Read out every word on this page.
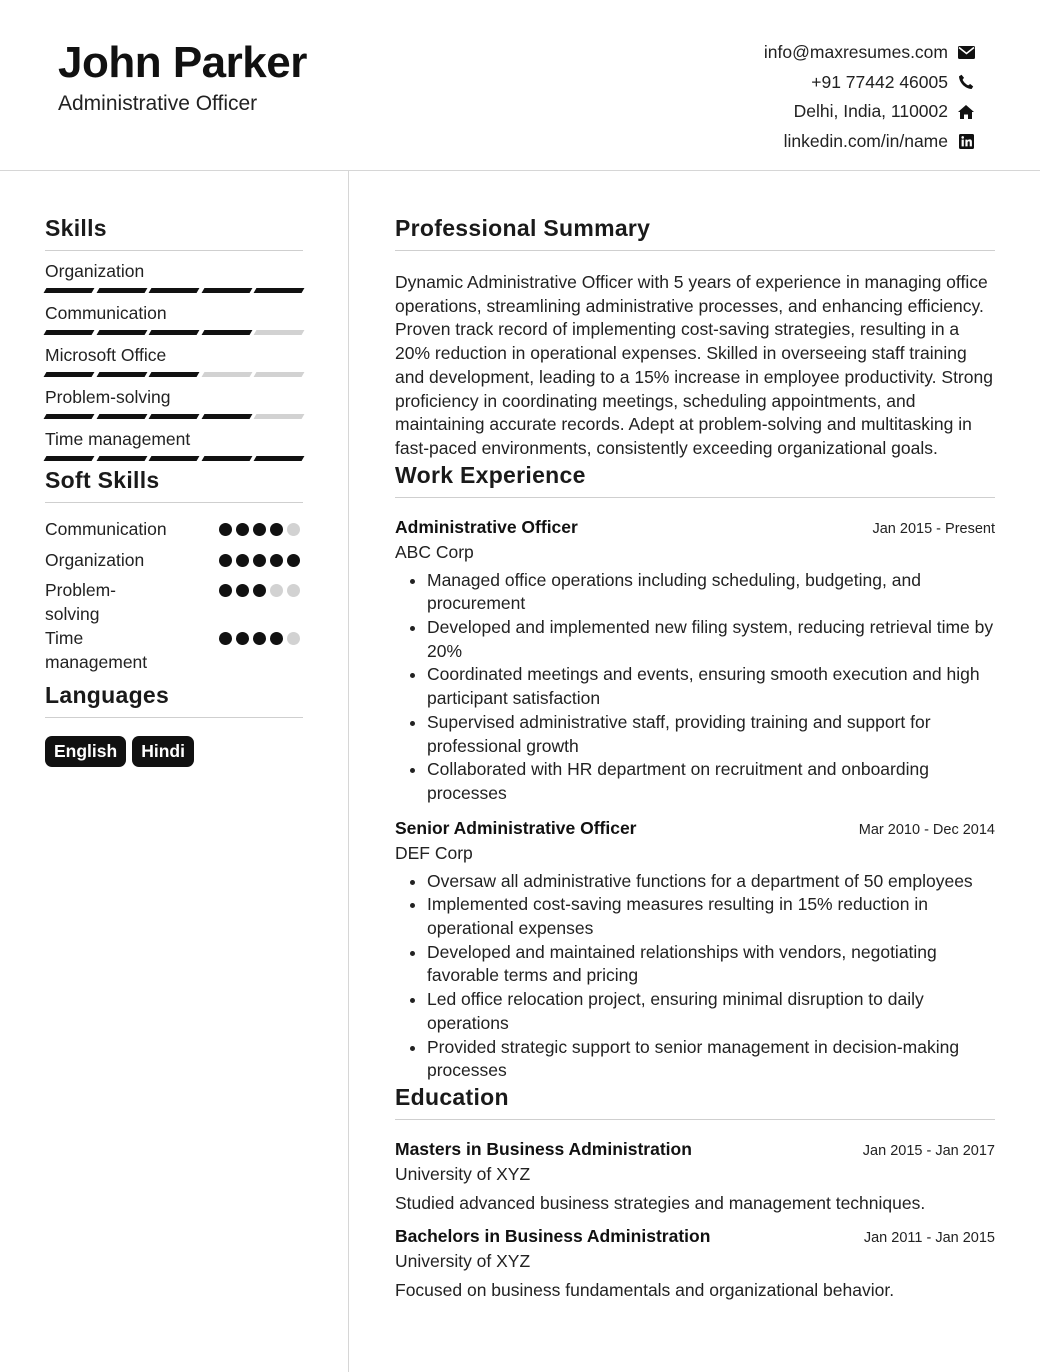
John Parker
Administrative Officer
info@maxresumes.com
+91 77442 46005
Delhi, India, 110002
linkedin.com/in/name
Skills
Organization
Communication
Microsoft Office
Problem-solving
Time management
Soft Skills
Communication
Organization
Problem-solving
Time management
Languages
English	Hindi
Professional Summary
Dynamic Administrative Officer with 5 years of experience in managing office operations, streamlining administrative processes, and enhancing efficiency. Proven track record of implementing cost-saving strategies, resulting in a 20% reduction in operational expenses. Skilled in overseeing staff training and development, leading to a 15% increase in employee productivity. Strong proficiency in coordinating meetings, scheduling appointments, and maintaining accurate records. Adept at problem-solving and multitasking in fast-paced environments, consistently exceeding organizational goals.
Work Experience
Administrative Officer	Jan 2015 - Present
ABC Corp
• Managed office operations including scheduling, budgeting, and procurement
• Developed and implemented new filing system, reducing retrieval time by 20%
• Coordinated meetings and events, ensuring smooth execution and high participant satisfaction
• Supervised administrative staff, providing training and support for professional growth
• Collaborated with HR department on recruitment and onboarding processes
Senior Administrative Officer	Mar 2010 - Dec 2014
DEF Corp
• Oversaw all administrative functions for a department of 50 employees
• Implemented cost-saving measures resulting in 15% reduction in operational expenses
• Developed and maintained relationships with vendors, negotiating favorable terms and pricing
• Led office relocation project, ensuring minimal disruption to daily operations
• Provided strategic support to senior management in decision-making processes
Education
Masters in Business Administration	Jan 2015 - Jan 2017
University of XYZ
Studied advanced business strategies and management techniques.
Bachelors in Business Administration	Jan 2011 - Jan 2015
University of XYZ
Focused on business fundamentals and organizational behavior.
